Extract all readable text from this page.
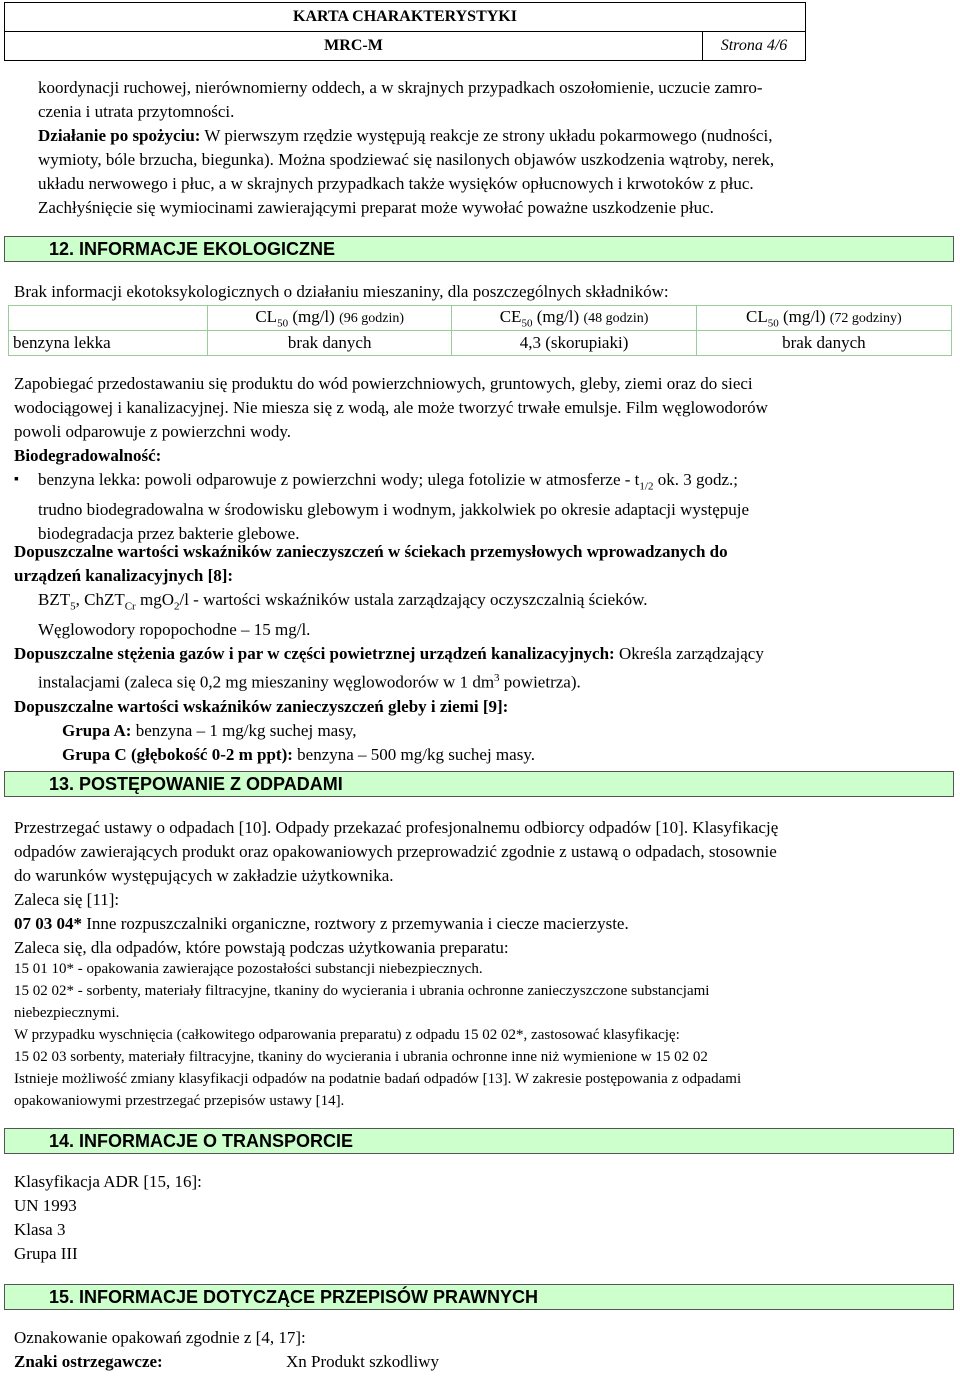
KARTA CHARAKTERYSTYKI
MRC-M	Strona 4/6
koordynacji ruchowej, nierównomierny oddech, a w skrajnych przypadkach oszołomienie, uczucie zamro-
czenia i utrata przytomności.
Działanie po spożyciu: W pierwszym rzędzie występują reakcje ze strony układu pokarmowego (nudności,
wymioty, bóle brzucha, biegunka). Można spodziewać się nasilonych objawów uszkodzenia wątroby, nerek,
układu nerwowego i płuc, a w skrajnych przypadkach także wysięków opłucnowych i krwotoków z płuc.
Zachłyśnięcie się wymiocinami zawierającymi preparat może wywołać poważne uszkodzenie płuc.
12. INFORMACJE EKOLOGICZNE
Brak informacji ekotoksykologicznych o działaniu mieszaniny, dla poszczególnych składników:
	$CL_{50}$ (mg/l) (96 godzin)	$CE_{50}$ (mg/l) (48 godzin)	$CL_{50}$ (mg/l) (72 godziny)
benzyna lekka	brak danych	4,3 (skorupiaki)	brak danych
Zapobiegać przedostawaniu się produktu do wód powierzchniowych, gruntowych, gleby, ziemi oraz do sieci
wodociągowej i kanalizacyjnej. Nie miesza się z wodą, ale może tworzyć trwałe emulsje. Film węglowodorów
powoli odparowuje z powierzchni wody.
Biodegradowalność:
▪	benzyna lekka: powoli odparowuje z powierzchni wody; ulega fotolizie w atmosferze - $t_{1/2}$ ok. 3 godz.;
trudno biodegradowalna w środowisku glebowym i wodnym, jakkolwiek po okresie adaptacji występuje
biodegradacja przez bakterie glebowe.
Dopuszczalne wartości wskaźników zanieczyszczeń w ściekach przemysłowych wprowadzanych do
urządzeń kanalizacyjnych [8]:
$BZT_5$, ChZT$_{Cr}$ mgO$_2$/l - wartości wskaźników ustala zarządzający oczyszczalnią ścieków.
Węglowodory ropopochodne – 15 mg/l.
Dopuszczalne stężenia gazów i par w części powietrznej urządzeń kanalizacyjnych: Określa zarządzający
instalacjami (zaleca się 0,2 mg mieszaniny węglowodorów w 1 $dm^3$ powietrza).
Dopuszczalne wartości wskaźników zanieczyszczeń gleby i ziemi [9]:
Grupa A: benzyna – 1 mg/kg suchej masy,
Grupa C (głębokość 0-2 m ppt): benzyna – 500 mg/kg suchej masy.
13. POSTĘPOWANIE Z ODPADAMI
Przestrzegać ustawy o odpadach [10]. Odpady przekazać profesjonalnemu odbiorcy odpadów [10]. Klasyfikację
odpadów zawierających produkt oraz opakowaniowych przeprowadzić zgodnie z ustawą o odpadach, stosownie
do warunków występujących w zakładzie użytkownika.
Zaleca się [11]:
07 03 04* Inne rozpuszczalniki organiczne, roztwory z przemywania i ciecze macierzyste.
Zaleca się, dla odpadów, które powstają podczas użytkowania preparatu:
15 01 10* - opakowania zawierające pozostałości substancji niebezpiecznych.
15 02 02* - sorbenty, materiały filtracyjne, tkaniny do wycierania i ubrania ochronne zanieczyszczone substancjami
niebezpiecznymi.
W przypadku wyschnięcia (całkowitego odparowania preparatu) z odpadu 15 02 02*, zastosować klasyfikację:
15 02 03 sorbenty, materiały filtracyjne, tkaniny do wycierania i ubrania ochronne inne niż wymienione w 15 02 02
Istnieje możliwość zmiany klasyfikacji odpadów na podatnie badań odpadów [13]. W zakresie postępowania z odpadami
opakowaniowymi przestrzegać przepisów ustawy [14].
14. INFORMACJE O TRANSPORCIE
Klasyfikacja ADR [15, 16]:
UN 1993
Klasa 3
Grupa III
15. INFORMACJE DOTYCZĄCE PRZEPISÓW PRAWNYCH
Oznakowanie opakowań zgodnie z [4, 17]:
Znaki ostrzegawcze:	Xn Produkt szkodliwy
